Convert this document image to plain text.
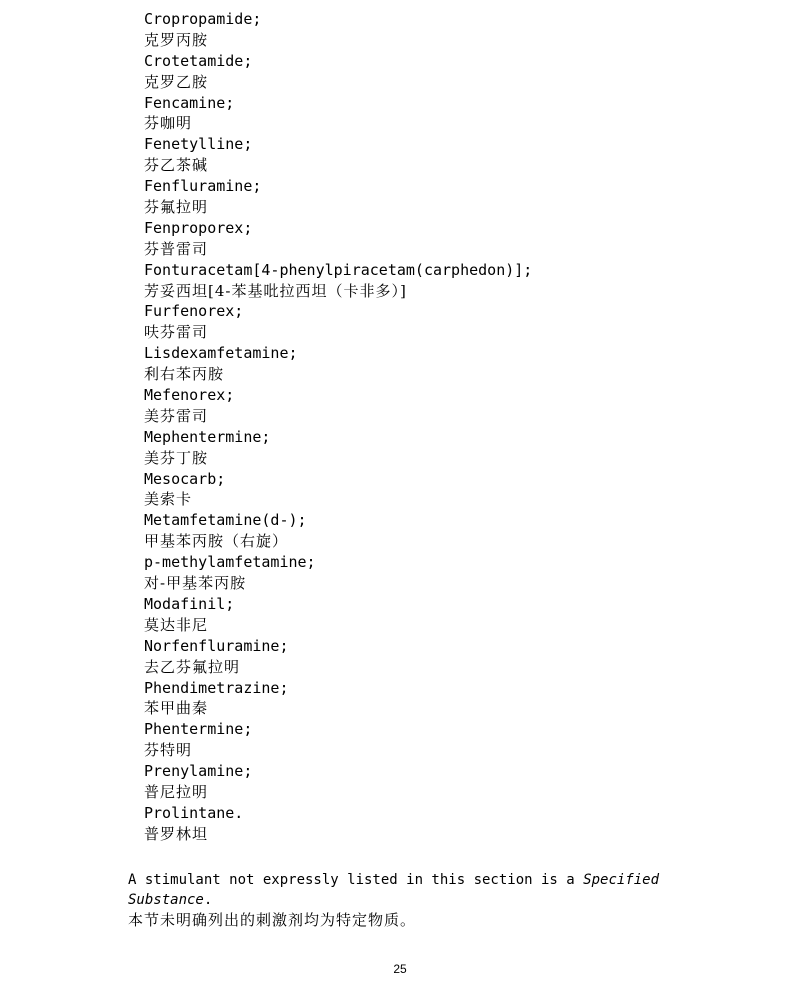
Cropropamide;
克罗丙胺
Crotetamide;
克罗乙胺
Fencamine;
芬咖明
Fenetylline;
芬乙茶碱
Fenfluramine;
芬氟拉明
Fenproporex;
芬普雷司
Fonturacetam[4-phenylpiracetam(carphedon)];
芳妥西坦[4-苯基吡拉西坦（卡非多）]
Furfenorex;
呋芬雷司
Lisdexamfetamine;
利右苯丙胺
Mefenorex;
美芬雷司
Mephentermine;
美芬丁胺
Mesocarb;
美索卡
Metamfetamine(d-);
甲基苯丙胺（右旋）
p-methylamfetamine;
对-甲基苯丙胺
Modafinil;
莫达非尼
Norfenfluramine;
去乙芬氟拉明
Phendimetrazine;
苯甲曲秦
Phentermine;
芬特明
Prenylamine;
普尼拉明
Prolintane.
普罗林坦
A stimulant not expressly listed in this section is a Specified Substance.
本节未明确列出的刺激剂均为特定物质。
25
